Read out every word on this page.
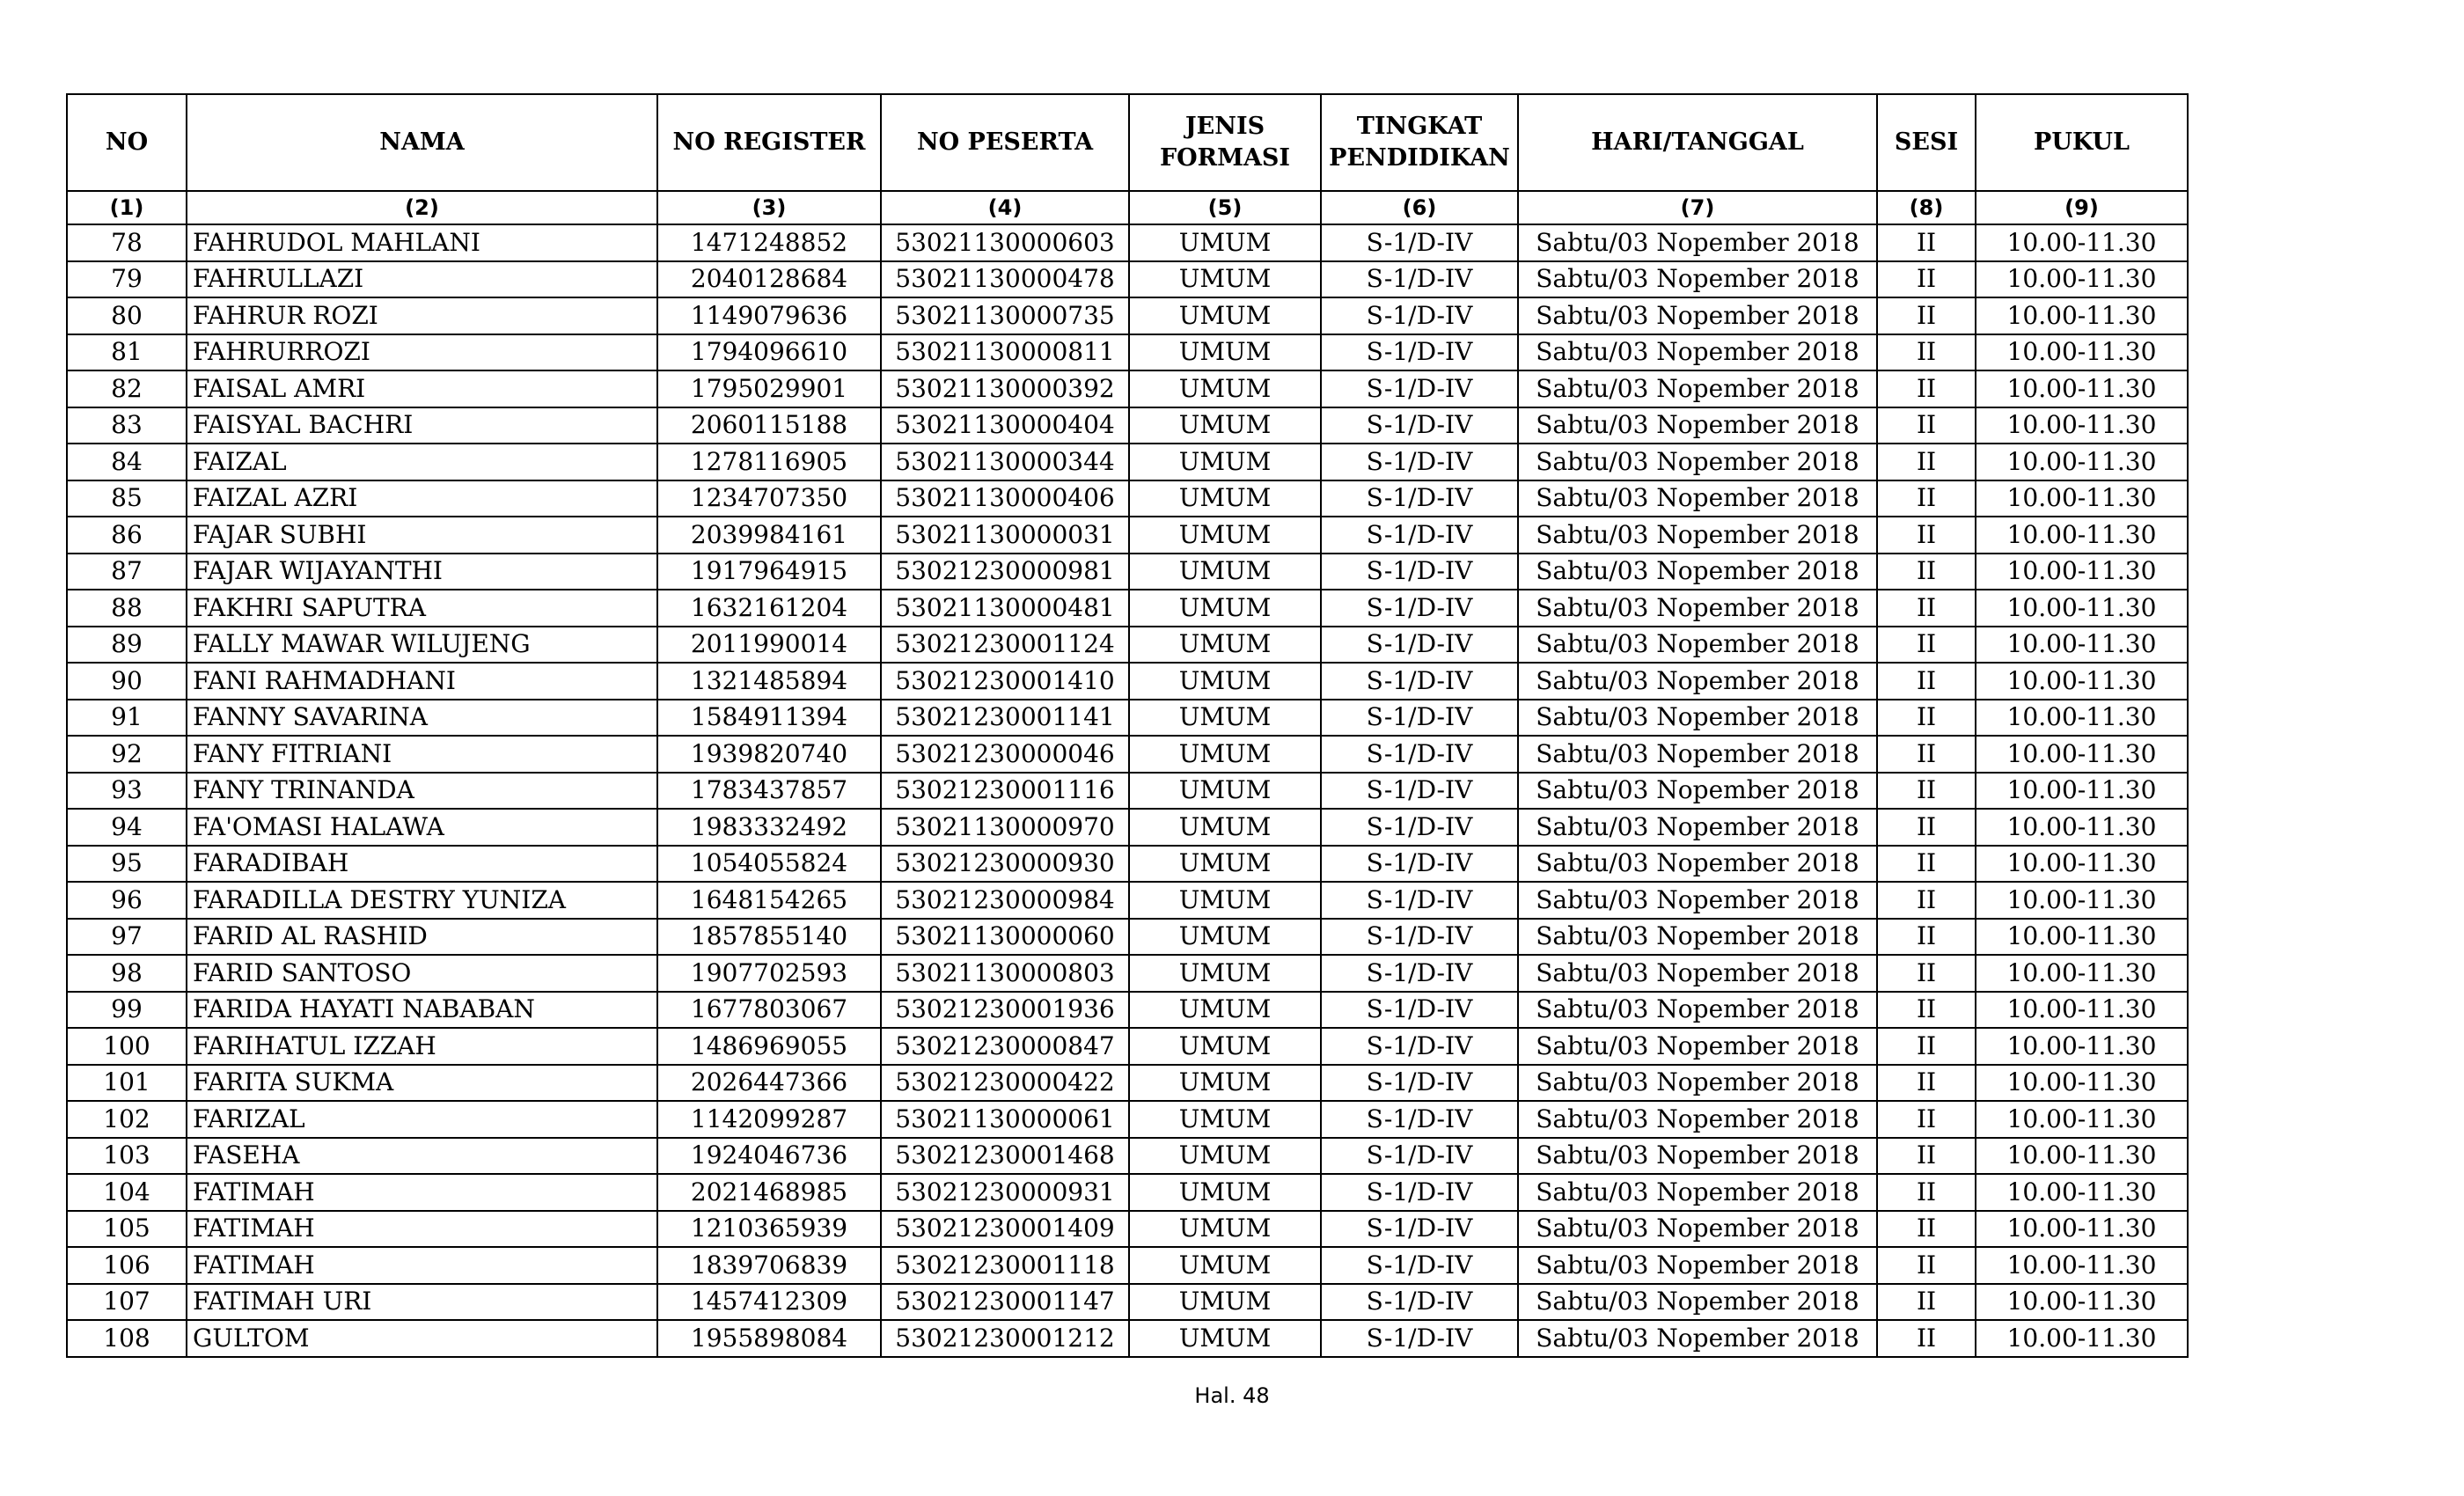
NO	NAMA	NO REGISTER	NO PESERTA	JENIS FORMASI	TINGKAT PENDIDIKAN	HARI/TANGGAL	SESI	PUKUL
(1)	(2)	(3)	(4)	(5)	(6)	(7)	(8)	(9)
78	FAHRUDOL MAHLANI	1471248852	53021130000603	UMUM	S-1/D-IV	Sabtu/03 Nopember 2018	II	10.00-11.30
79	FAHRULLAZI	2040128684	53021130000478	UMUM	S-1/D-IV	Sabtu/03 Nopember 2018	II	10.00-11.30
80	FAHRUR ROZI	1149079636	53021130000735	UMUM	S-1/D-IV	Sabtu/03 Nopember 2018	II	10.00-11.30
81	FAHRURROZI	1794096610	53021130000811	UMUM	S-1/D-IV	Sabtu/03 Nopember 2018	II	10.00-11.30
82	FAISAL AMRI	1795029901	53021130000392	UMUM	S-1/D-IV	Sabtu/03 Nopember 2018	II	10.00-11.30
83	FAISYAL BACHRI	2060115188	53021130000404	UMUM	S-1/D-IV	Sabtu/03 Nopember 2018	II	10.00-11.30
84	FAIZAL	1278116905	53021130000344	UMUM	S-1/D-IV	Sabtu/03 Nopember 2018	II	10.00-11.30
85	FAIZAL AZRI	1234707350	53021130000406	UMUM	S-1/D-IV	Sabtu/03 Nopember 2018	II	10.00-11.30
86	FAJAR SUBHI	2039984161	53021130000031	UMUM	S-1/D-IV	Sabtu/03 Nopember 2018	II	10.00-11.30
87	FAJAR WIJAYANTHI	1917964915	53021230000981	UMUM	S-1/D-IV	Sabtu/03 Nopember 2018	II	10.00-11.30
88	FAKHRI SAPUTRA	1632161204	53021130000481	UMUM	S-1/D-IV	Sabtu/03 Nopember 2018	II	10.00-11.30
89	FALLY MAWAR WILUJENG	2011990014	53021230001124	UMUM	S-1/D-IV	Sabtu/03 Nopember 2018	II	10.00-11.30
90	FANI RAHMADHANI	1321485894	53021230001410	UMUM	S-1/D-IV	Sabtu/03 Nopember 2018	II	10.00-11.30
91	FANNY SAVARINA	1584911394	53021230001141	UMUM	S-1/D-IV	Sabtu/03 Nopember 2018	II	10.00-11.30
92	FANY FITRIANI	1939820740	53021230000046	UMUM	S-1/D-IV	Sabtu/03 Nopember 2018	II	10.00-11.30
93	FANY TRINANDA	1783437857	53021230001116	UMUM	S-1/D-IV	Sabtu/03 Nopember 2018	II	10.00-11.30
94	FA'OMASI HALAWA	1983332492	53021130000970	UMUM	S-1/D-IV	Sabtu/03 Nopember 2018	II	10.00-11.30
95	FARADIBAH	1054055824	53021230000930	UMUM	S-1/D-IV	Sabtu/03 Nopember 2018	II	10.00-11.30
96	FARADILLA DESTRY YUNIZA	1648154265	53021230000984	UMUM	S-1/D-IV	Sabtu/03 Nopember 2018	II	10.00-11.30
97	FARID AL RASHID	1857855140	53021130000060	UMUM	S-1/D-IV	Sabtu/03 Nopember 2018	II	10.00-11.30
98	FARID SANTOSO	1907702593	53021130000803	UMUM	S-1/D-IV	Sabtu/03 Nopember 2018	II	10.00-11.30
99	FARIDA HAYATI NABABAN	1677803067	53021230001936	UMUM	S-1/D-IV	Sabtu/03 Nopember 2018	II	10.00-11.30
100	FARIHATUL IZZAH	1486969055	53021230000847	UMUM	S-1/D-IV	Sabtu/03 Nopember 2018	II	10.00-11.30
101	FARITA SUKMA	2026447366	53021230000422	UMUM	S-1/D-IV	Sabtu/03 Nopember 2018	II	10.00-11.30
102	FARIZAL	1142099287	53021130000061	UMUM	S-1/D-IV	Sabtu/03 Nopember 2018	II	10.00-11.30
103	FASEHA	1924046736	53021230001468	UMUM	S-1/D-IV	Sabtu/03 Nopember 2018	II	10.00-11.30
104	FATIMAH	2021468985	53021230000931	UMUM	S-1/D-IV	Sabtu/03 Nopember 2018	II	10.00-11.30
105	FATIMAH	1210365939	53021230001409	UMUM	S-1/D-IV	Sabtu/03 Nopember 2018	II	10.00-11.30
106	FATIMAH	1839706839	53021230001118	UMUM	S-1/D-IV	Sabtu/03 Nopember 2018	II	10.00-11.30
107	FATIMAH URI	1457412309	53021230001147	UMUM	S-1/D-IV	Sabtu/03 Nopember 2018	II	10.00-11.30
108	GULTOM	1955898084	53021230001212	UMUM	S-1/D-IV	Sabtu/03 Nopember 2018	II	10.00-11.30
Hal. 48
